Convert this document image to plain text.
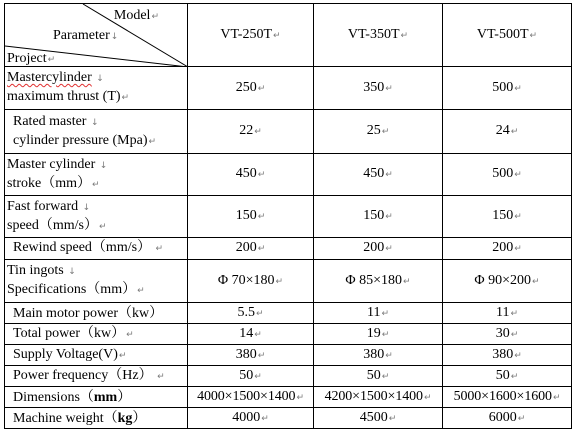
Model↵
Parameter↓
Project↵	VT-250T↵	VT-350T↵	VT-500T↵
Mastercylinder ↓
maximum thrust (T)↵	250↵	350↵	500↵
Rated master ↓
cylinder pressure (Mpa)↵	22↵	25↵	24↵
Master cylinder ↓
stroke（mm）↵	450↵	450↵	500↵
Fast forward ↓
speed（mm/s）↵	150↵	150↵	150↵
Rewind speed（mm/s） ↵	200↵	200↵	200↵
Tin ingots ↓
Specifications（mm）↵	Φ 70×180↵	Φ 85×180↵	Φ 90×200↵
Main motor power（kw）	5.5↵	11↵	11↵
Total power（kw）↵	14↵	19↵	30↵
Supply Voltage(V)↵	380↵	380↵	380↵
Power frequency（Hz） ↵	50↵	50↵	50↵
Dimensions（mm）	4000×1500×1400↵	4200×1500×1400↵	5000×1600×1600↵
Machine weight（kg）	4000↵	4500↵	6000↵
